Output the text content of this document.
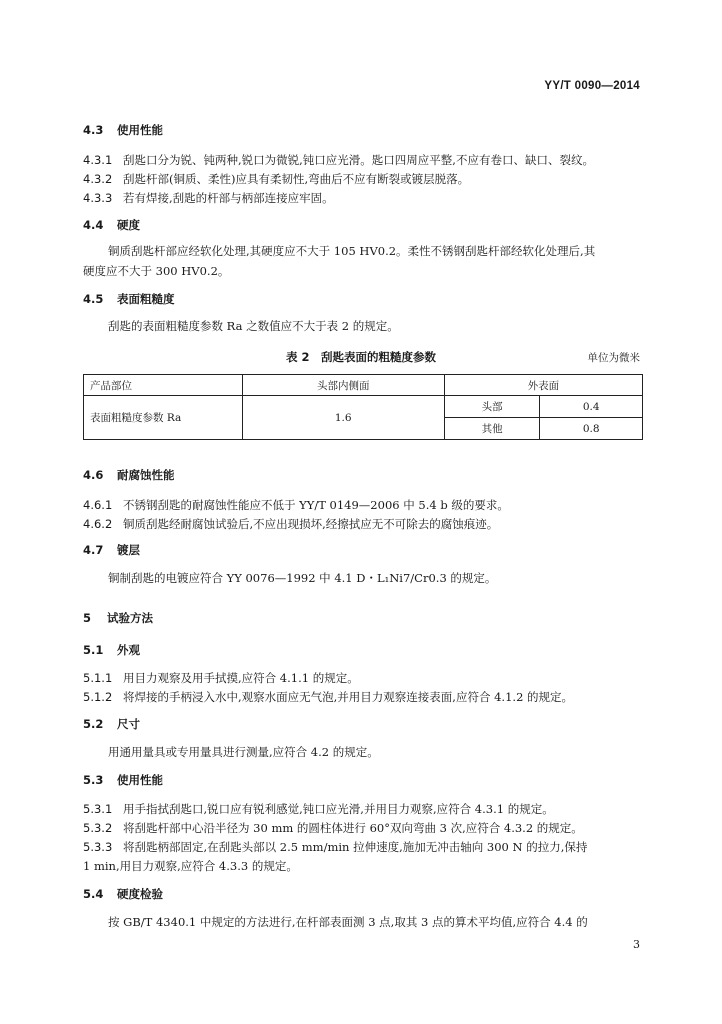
YY/T 0090—2014
4.3 使用性能
4.3.1 刮匙口分为锐、钝两种,锐口为微锐,钝口应光滑。匙口四周应平整,不应有卷口、缺口、裂纹。
4.3.2 刮匙杆部(铜质、柔性)应具有柔韧性,弯曲后不应有断裂或镀层脱落。
4.3.3 若有焊接,刮匙的杆部与柄部连接应牢固。
4.4 硬度
铜质刮匙杆部应经软化处理,其硬度应不大于 105 HV0.2。柔性不锈钢刮匙杆部经软化处理后,其
硬度应不大于 300 HV0.2。
4.5 表面粗糙度
刮匙的表面粗糙度参数 Ra 之数值应不大于表 2 的规定。
表 2　刮匙表面的粗糙度参数	单位为微米
产品部位	头部内侧面	外表面	
表面粗糙度参数 Ra	1.6	头部	0.4
		其他	0.8
4.6 耐腐蚀性能
4.6.1 不锈钢刮匙的耐腐蚀性能应不低于 YY/T 0149—2006 中 5.4 b 级的要求。
4.6.2 铜质刮匙经耐腐蚀试验后,不应出现损坏,经擦拭应无不可除去的腐蚀痕迹。
4.7 镀层
铜制刮匙的电镀应符合 YY 0076—1992 中 4.1 D・L₁Ni7/Cr0.3 的规定。
5 试验方法
5.1 外观
5.1.1 用目力观察及用手拭摸,应符合 4.1.1 的规定。
5.1.2 将焊接的手柄浸入水中,观察水面应无气泡,并用目力观察连接表面,应符合 4.1.2 的规定。
5.2 尺寸
用通用量具或专用量具进行测量,应符合 4.2 的规定。
5.3 使用性能
5.3.1 用手指拭刮匙口,锐口应有锐利感觉,钝口应光滑,并用目力观察,应符合 4.3.1 的规定。
5.3.2 将刮匙杆部中心沿半径为 30 mm 的圆柱体进行 60°双向弯曲 3 次,应符合 4.3.2 的规定。
5.3.3 将刮匙柄部固定,在刮匙头部以 2.5 mm/min 拉伸速度,施加无冲击轴向 300 N 的拉力,保持
1 min,用目力观察,应符合 4.3.3 的规定。
5.4 硬度检验
按 GB/T 4340.1 中规定的方法进行,在杆部表面测 3 点,取其 3 点的算术平均值,应符合 4.4 的
3
